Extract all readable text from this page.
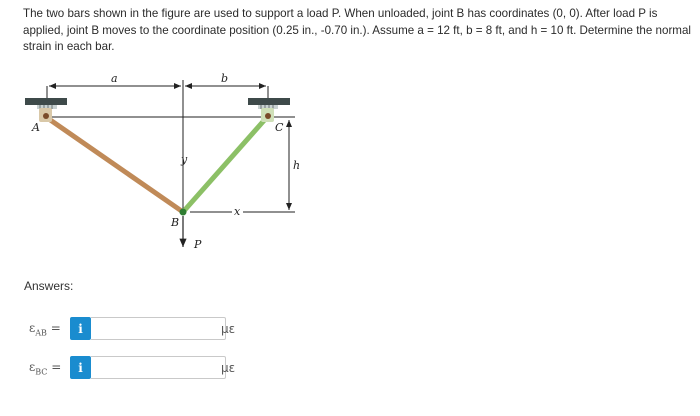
The two bars shown in the figure are used to support a load P. When unloaded, joint B has coordinates (0, 0). After load P is applied, joint B moves to the coordinate position (0.25 in., -0.70 in.). Assume a = 12 ft, b = 8 ft, and h = 10 ft. Determine the normal strain in each bar.
a	b
A	C
y	h
x
B
P
Answers:
$\varepsilon_{AB}$ =	i	με
$\varepsilon_{BC}$ =	i	με
